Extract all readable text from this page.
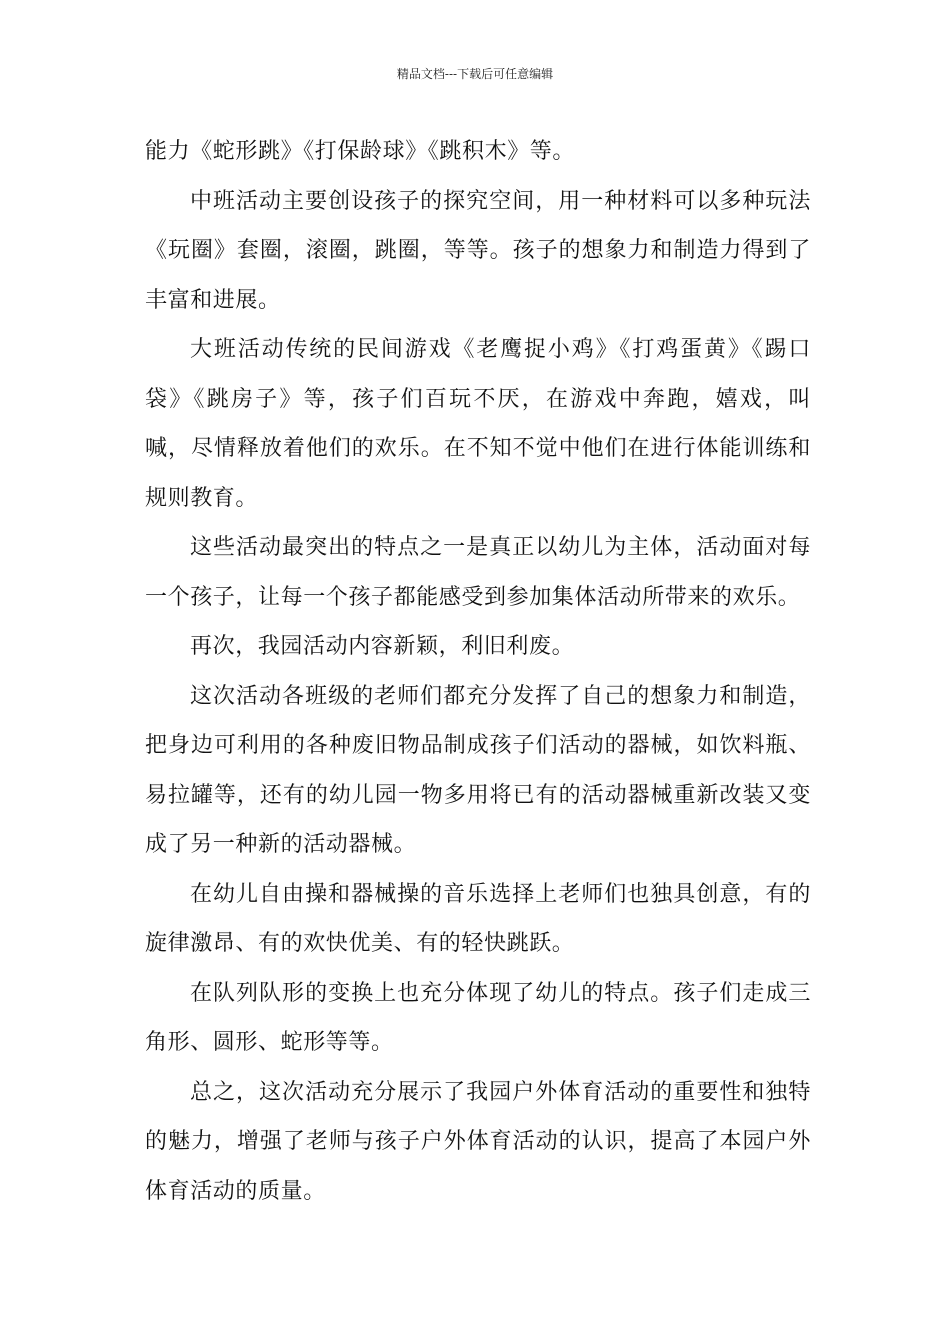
精品文档---下载后可任意编辑

能力《蛇形跳》《打保龄球》《跳积木》等。

中班活动主要创设孩子的探究空间，用一种材料可以多种玩法《玩圈》套圈，滚圈，跳圈，等等。孩子的想象力和制造力得到了丰富和进展。

大班活动传统的民间游戏《老鹰捉小鸡》《打鸡蛋黄》《踢口袋》《跳房子》等，孩子们百玩不厌，在游戏中奔跑，嬉戏，叫喊，尽情释放着他们的欢乐。在不知不觉中他们在进行体能训练和规则教育。

这些活动最突出的特点之一是真正以幼儿为主体，活动面对每一个孩子，让每一个孩子都能感受到参加集体活动所带来的欢乐。

再次，我园活动内容新颖，利旧利废。

这次活动各班级的老师们都充分发挥了自己的想象力和制造，把身边可利用的各种废旧物品制成孩子们活动的器械，如饮料瓶、易拉罐等，还有的幼儿园一物多用将已有的活动器械重新改装又变成了另一种新的活动器械。

在幼儿自由操和器械操的音乐选择上老师们也独具创意，有的旋律激昂、有的欢快优美、有的轻快跳跃。

在队列队形的变换上也充分体现了幼儿的特点。孩子们走成三角形、圆形、蛇形等等。

总之，这次活动充分展示了我园户外体育活动的重要性和独特的魅力，增强了老师与孩子户外体育活动的认识，提高了本园户外体育活动的质量。
